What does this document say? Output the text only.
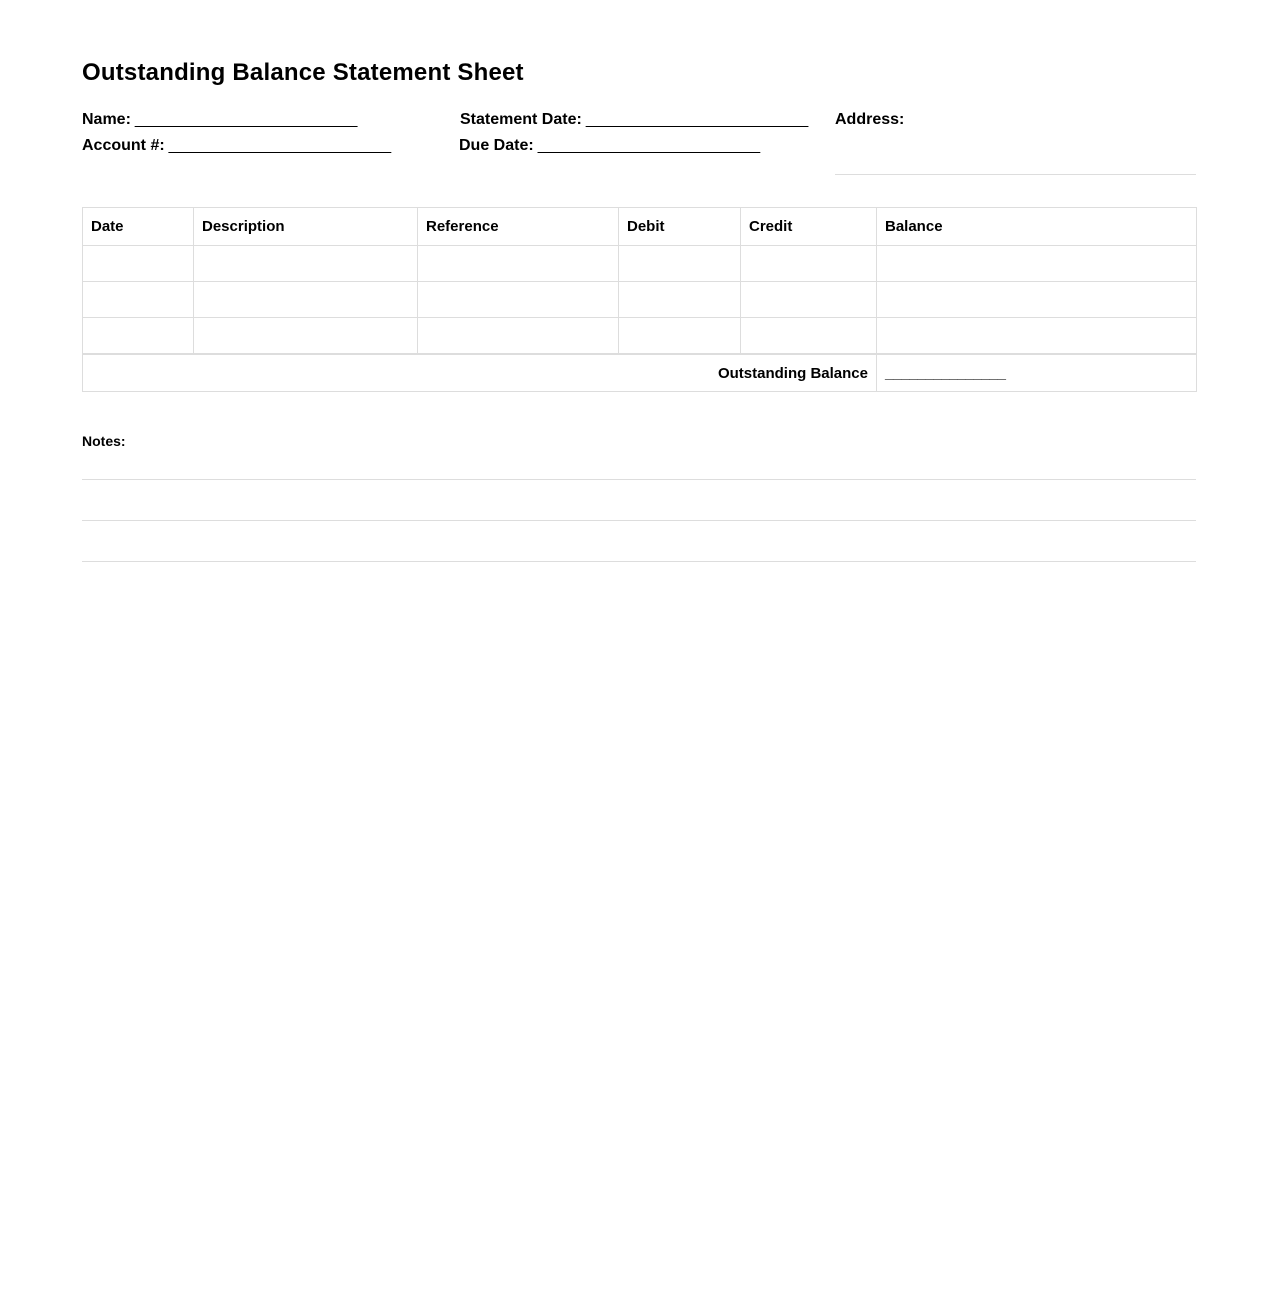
Outstanding Balance Statement Sheet
Name: _________________________
Account #: _________________________
Statement Date: _________________________
Due Date: _________________________
Address:
Date	Description	Reference	Debit	Credit	Balance

Outstanding Balance					_______________
Notes:
